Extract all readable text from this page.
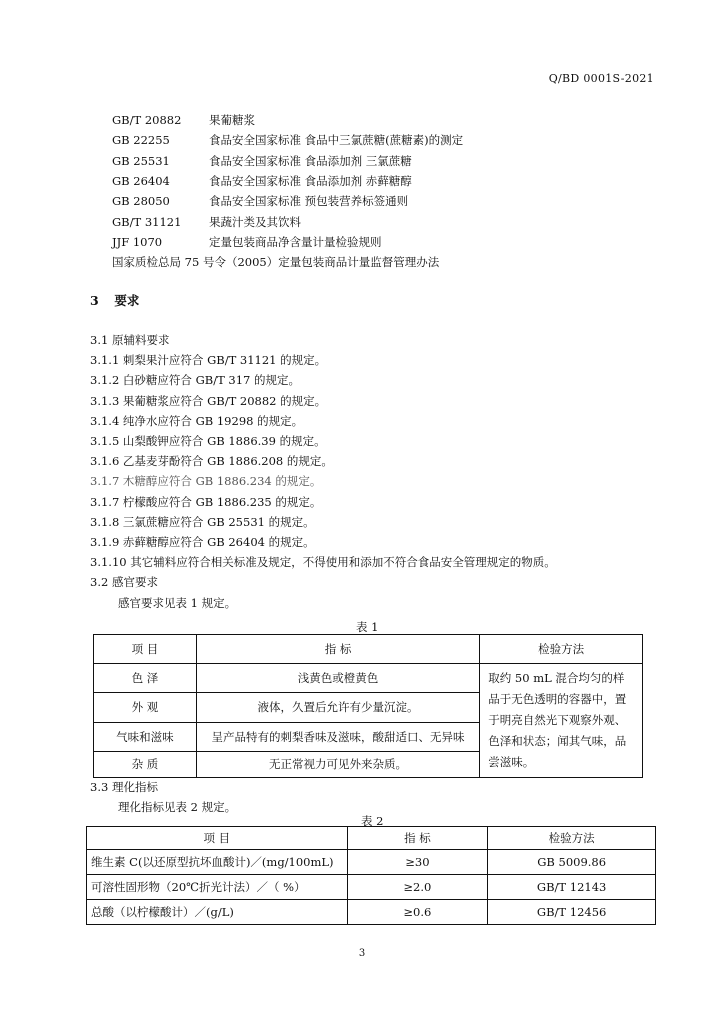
Q/BD 0001S-2021
GB/T 20882	果葡糖浆
GB 22255	食品安全国家标准 食品中三氯蔗糖(蔗糖素)的测定
GB 25531	食品安全国家标准 食品添加剂 三氯蔗糖
GB 26404	食品安全国家标准 食品添加剂 赤藓糖醇
GB 28050	食品安全国家标准 预包装营养标签通则
GB/T 31121	果蔬汁类及其饮料
JJF 1070	定量包装商品净含量计量检验规则
国家质检总局 75 号令（2005）定量包装商品计量监督管理办法
3 要求
3.1 原辅料要求
3.1.1 刺梨果汁应符合 GB/T 31121 的规定。
3.1.2 白砂糖应符合 GB/T 317 的规定。
3.1.3 果葡糖浆应符合 GB/T 20882 的规定。
3.1.4 纯净水应符合 GB 19298 的规定。
3.1.5 山梨酸钾应符合 GB 1886.39 的规定。
3.1.6 乙基麦芽酚符合 GB 1886.208 的规定。
3.1.7 木糖醇应符合 GB 1886.234 的规定。
3.1.7 柠檬酸应符合 GB 1886.235 的规定。
3.1.8 三氯蔗糖应符合 GB 25531 的规定。
3.1.9 赤藓糖醇应符合 GB 26404 的规定。
3.1.10 其它辅料应符合相关标准及规定，不得使用和添加不符合食品安全管理规定的物质。
3.2 感官要求
感官要求见表 1 规定。
表 1
项 目	指 标	检验方法
色 泽	浅黄色或橙黄色	取约 50 mL 混合均匀的样品于无色透明的容器中，置于明亮自然光下观察外观、色泽和状态；闻其气味，品尝滋味。
外 观	液体，久置后允许有少量沉淀。	
气味和滋味	呈产品特有的刺梨香味及滋味，酸甜适口、无异味	
杂 质	无正常视力可见外来杂质。	
3.3 理化指标
理化指标见表 2 规定。
表 2
项 目	指 标	检验方法
维生素 C(以还原型抗坏血酸计)／(mg/100mL)	≥30	GB 5009.86
可溶性固形物（20℃折光计法）／（ %）	≥2.0	GB/T 12143
总酸（以柠檬酸计）／(g/L)	≥0.6	GB/T 12456
3
